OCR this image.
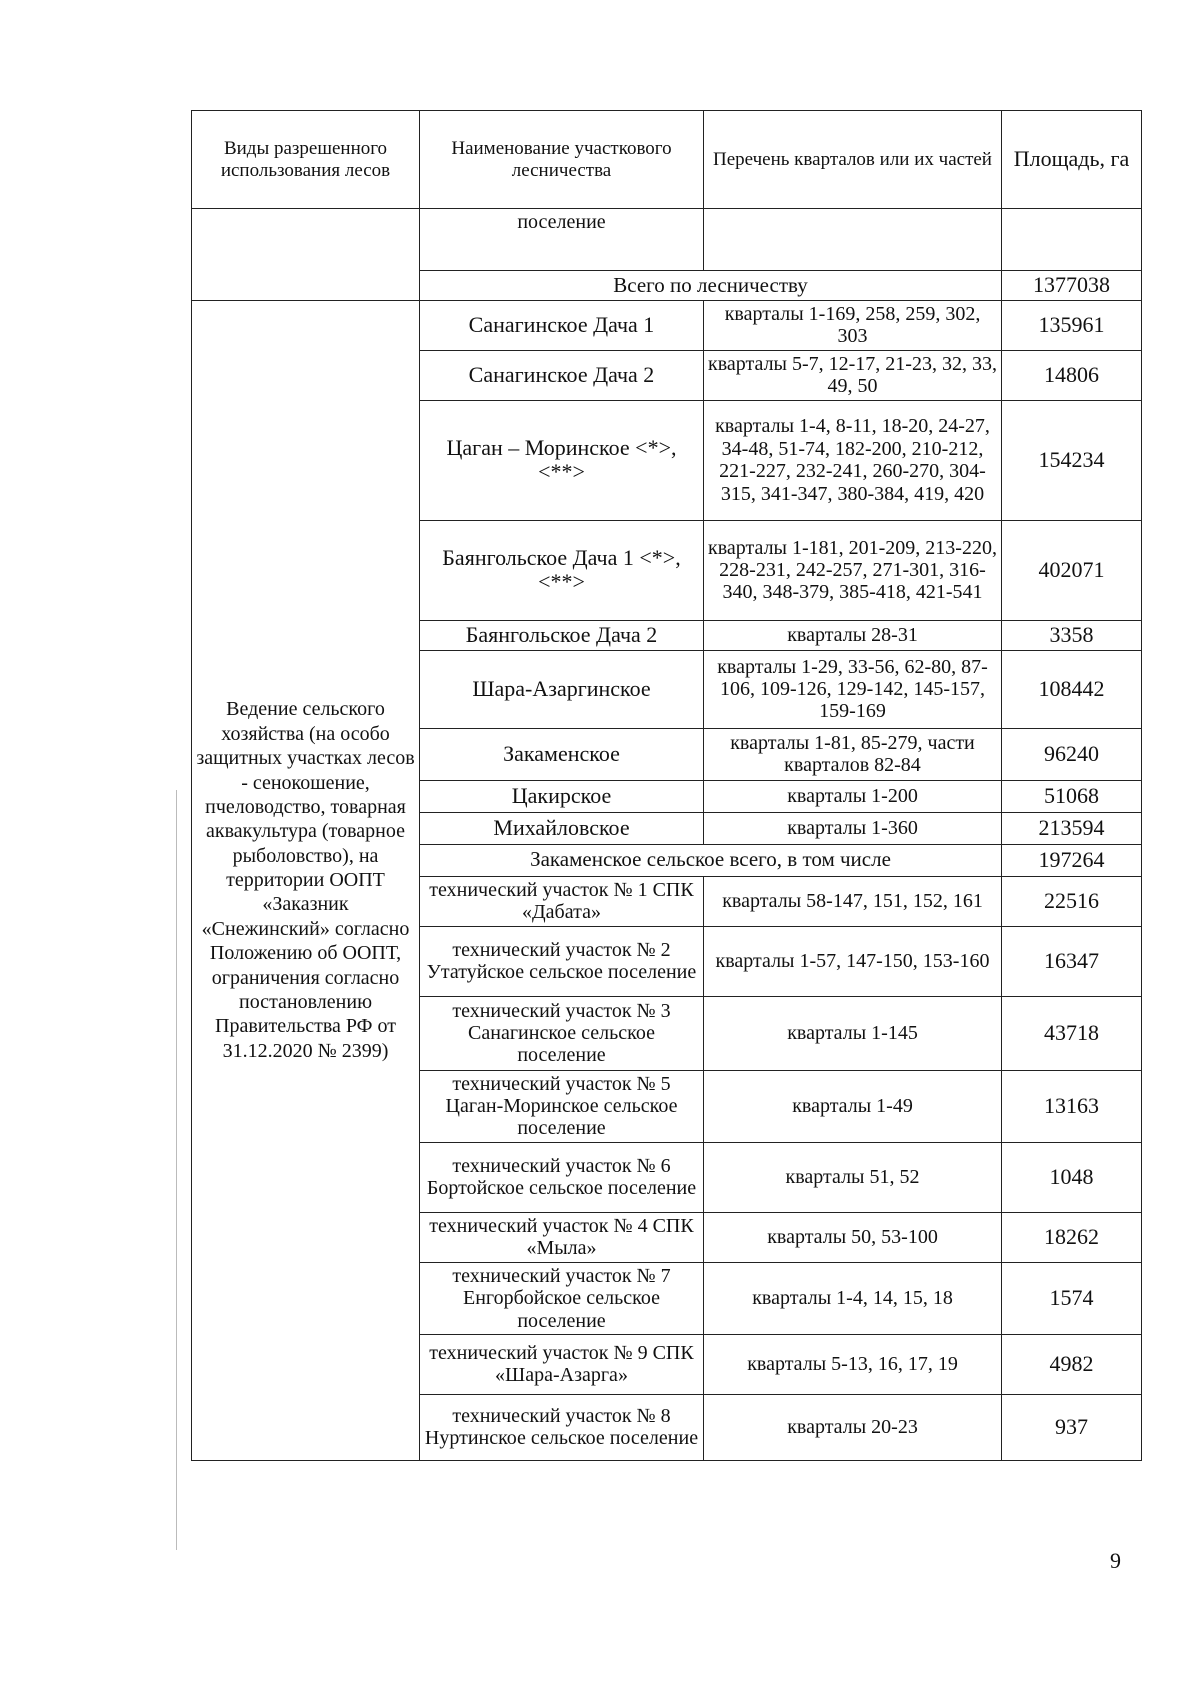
Виды разрешенного использования лесов	Наименование участкового лесничества	Перечень кварталов или их частей	Площадь, га
	поселение		
	Всего по лесничеству		1377038
Ведение сельского хозяйства (на особо защитных участках лесов - сенокошение, пчеловодство, товарная аквакультура (товарное рыболовство), на территории ООПТ «Заказник «Снежинский» согласно Положению об ООПТ, ограничения согласно постановлению Правительства РФ от 31.12.2020 № 2399)	Санагинское Дача 1	кварталы 1-169, 258, 259, 302, 303	135961
	Санагинское Дача 2	кварталы 5-7, 12-17, 21-23, 32, 33, 49, 50	14806
	Цаган – Моринское <*>, <**>	кварталы 1-4, 8-11, 18-20, 24-27, 34-48, 51-74, 182-200, 210-212, 221-227, 232-241, 260-270, 304-315, 341-347, 380-384, 419, 420	154234
	Баянгольское Дача 1 <*>,<**>	кварталы 1-181, 201-209, 213-220, 228-231, 242-257, 271-301, 316-340, 348-379, 385-418, 421-541	402071
	Баянгольское Дача 2	кварталы 28-31	3358
	Шара-Азаргинское	кварталы 1-29, 33-56, 62-80, 87-106, 109-126, 129-142, 145-157, 159-169	108442
	Закаменское	кварталы 1-81, 85-279, части кварталов 82-84	96240
	Цакирское	кварталы 1-200	51068
	Михайловское	кварталы 1-360	213594
	Закаменское сельское всего, в том числе		197264
	технический участок № 1 СПК «Дабата»	кварталы 58-147, 151, 152, 161	22516
	технический участок № 2 Утатуйское сельское поселение	кварталы 1-57, 147-150, 153-160	16347
	технический участок № 3 Санагинское сельское поселение	кварталы 1-145	43718
	технический участок № 5 Цаган-Моринское сельское поселение	кварталы 1-49	13163
	технический участок № 6 Бортойское сельское поселение	кварталы 51, 52	1048
	технический участок № 4 СПК «Мыла»	кварталы 50, 53-100	18262
	технический участок № 7 Енгорбойское сельское поселение	кварталы 1-4, 14, 15, 18	1574
	технический участок № 9 СПК «Шара-Азарга»	кварталы 5-13, 16, 17, 19	4982
	технический участок № 8 Нуртинское сельское поселение	кварталы 20-23	937
9
